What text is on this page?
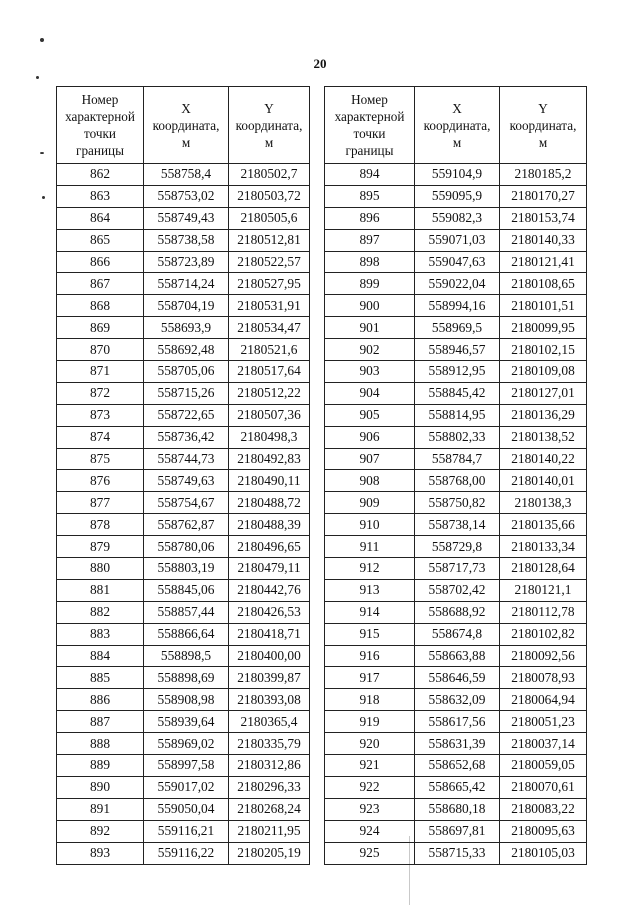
20
Номер
характерной
точки
границы	X
координата,
м	Y
координата,
м
862	558758,4	2180502,7
863	558753,02	2180503,72
864	558749,43	2180505,6
865	558738,58	2180512,81
866	558723,89	2180522,57
867	558714,24	2180527,95
868	558704,19	2180531,91
869	558693,9	2180534,47
870	558692,48	2180521,6
871	558705,06	2180517,64
872	558715,26	2180512,22
873	558722,65	2180507,36
874	558736,42	2180498,3
875	558744,73	2180492,83
876	558749,63	2180490,11
877	558754,67	2180488,72
878	558762,87	2180488,39
879	558780,06	2180496,65
880	558803,19	2180479,11
881	558845,06	2180442,76
882	558857,44	2180426,53
883	558866,64	2180418,71
884	558898,5	2180400,00
885	558898,69	2180399,87
886	558908,98	2180393,08
887	558939,64	2180365,4
888	558969,02	2180335,79
889	558997,58	2180312,86
890	559017,02	2180296,33
891	559050,04	2180268,24
892	559116,21	2180211,95
893	559116,22	2180205,19
Номер
характерной
точки
границы	X
координата,
м	Y
координата,
м
894	559104,9	2180185,2
895	559095,9	2180170,27
896	559082,3	2180153,74
897	559071,03	2180140,33
898	559047,63	2180121,41
899	559022,04	2180108,65
900	558994,16	2180101,51
901	558969,5	2180099,95
902	558946,57	2180102,15
903	558912,95	2180109,08
904	558845,42	2180127,01
905	558814,95	2180136,29
906	558802,33	2180138,52
907	558784,7	2180140,22
908	558768,00	2180140,01
909	558750,82	2180138,3
910	558738,14	2180135,66
911	558729,8	2180133,34
912	558717,73	2180128,64
913	558702,42	2180121,1
914	558688,92	2180112,78
915	558674,8	2180102,82
916	558663,88	2180092,56
917	558646,59	2180078,93
918	558632,09	2180064,94
919	558617,56	2180051,23
920	558631,39	2180037,14
921	558652,68	2180059,05
922	558665,42	2180070,61
923	558680,18	2180083,22
924	558697,81	2180095,63
925	558715,33	2180105,03
